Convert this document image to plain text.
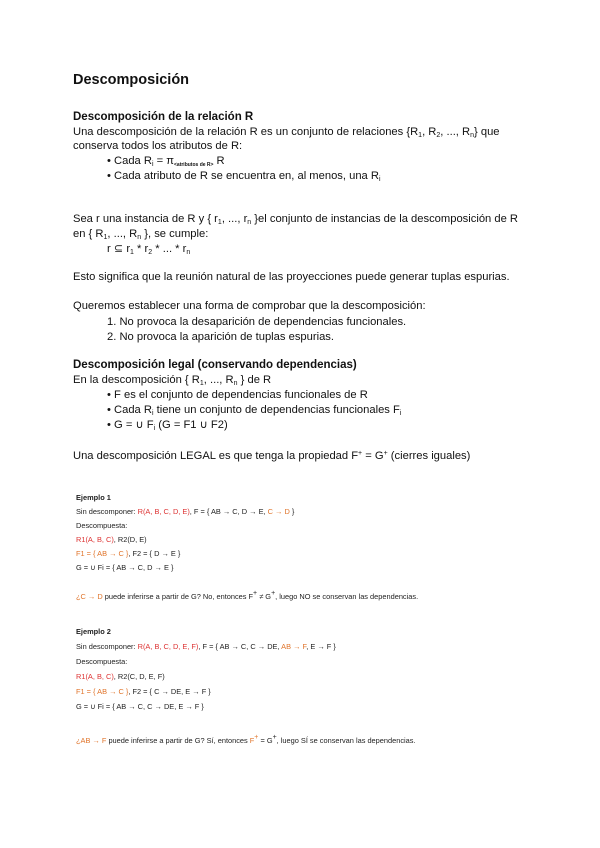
Descomposición
Descomposición de la relación R
Una descomposición de la relación R es un conjunto de relaciones {$R_1$, $R_2$, ..., $R_n$} que
conserva todos los atributos de R:
• Cada $R_i$ = π<atributos de R> R
• Cada atributo de R se encuentra en, al menos, una $R_i$
Sea r una instancia de R y { $r_1$, ..., $r_n$ }el conjunto de instancias de la descomposición de R
en { $R_1$, ..., $R_n$ }, se cumple:
r ⊆ $r_1 * r_2$ * ... * $r_n$
Esto significa que la reunión natural de las proyecciones puede generar tuplas espurias.
Queremos establecer una forma de comprobar que la descomposición:
1. No provoca la desaparición de dependencias funcionales.
2. No provoca la aparición de tuplas espurias.
Descomposición legal (conservando dependencias)
En la descomposición { $R_1$, ..., $R_n$ } de R
• F es el conjunto de dependencias funcionales de R
• Cada $R_i$ tiene un conjunto de dependencias funcionales $F_i$
• G = ∪ $F_i$ (G = F1 ∪ F2)
Una descomposición LEGAL es que tenga la propiedad F+ = G+ (cierres iguales)
Ejemplo 1
Sin descomponer: R(A, B, C, D, E), F = { AB → C, D → E, C → D }
Descompuesta:
R1(A, B, C), R2(D, E)
F1 = { AB → C }, F2 = { D → E }
G = ∪ Fi = { AB → C, D → E }
¿C → D puede inferirse a partir de G? No, entonces F+ ≠ G+, luego NO se conservan las dependencias.
Ejemplo 2
Sin descomponer: R(A, B, C, D, E, F), F = { AB → C, C → DE, AB → F, E → F }
Descompuesta:
R1(A, B, C), R2(C, D, E, F)
F1 = { AB → C }, F2 = { C → DE, E → F }
G = ∪ Fi = { AB → C, C → DE, E → F }
¿AB → F puede inferirse a partir de G? Sí, entonces F+ = G+, luego SÍ se conservan las dependencias.
